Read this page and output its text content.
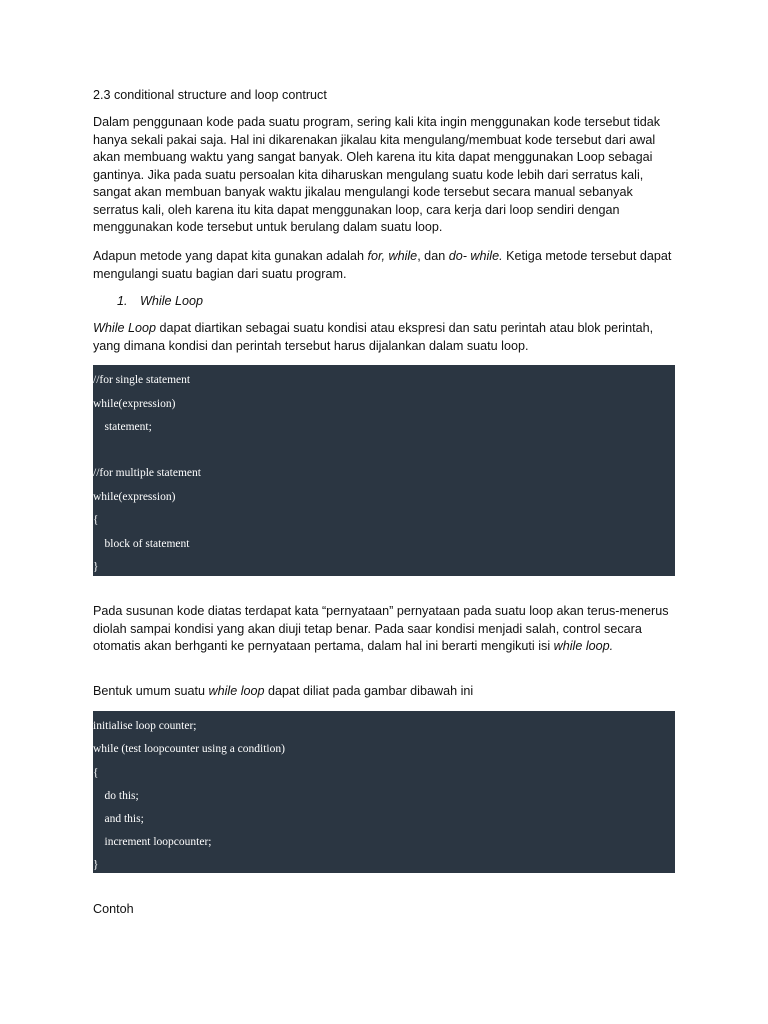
2.3 conditional structure and loop contruct

Dalam penggunaan kode pada suatu program, sering kali kita ingin menggunakan kode tersebut tidak hanya sekali pakai saja. Hal ini dikarenakan jikalau kita mengulang/membuat kode tersebut dari awal akan membuang waktu yang sangat banyak. Oleh karena itu kita dapat menggunakan Loop sebagai gantinya. Jika pada suatu persoalan kita diharuskan mengulang suatu kode lebih dari serratus kali, sangat akan membuan banyak waktu jikalau mengulangi kode tersebut secara manual sebanyak serratus kali, oleh karena itu kita dapat menggunakan loop, cara kerja dari loop sendiri dengan menggunakan kode tersebut untuk berulang dalam suatu loop.

Adapun metode yang dapat kita gunakan adalah for, while, dan do- while. Ketiga metode tersebut dapat mengulangi suatu bagian dari suatu program.

1. While Loop

While Loop dapat diartikan sebagai suatu kondisi atau ekspresi dan satu perintah atau blok perintah, yang dimana kondisi dan perintah tersebut harus dijalankan dalam suatu loop.

//for single statement
while(expression)
statement;
//for multiple statement
while(expression)
{
block of statement
}

Pada susunan kode diatas terdapat kata “pernyataan” pernyataan pada suatu loop akan terus-menerus diolah sampai kondisi yang akan diuji tetap benar. Pada saar kondisi menjadi salah, control secara otomatis akan berhganti ke pernyataan pertama, dalam hal ini berarti mengikuti isi while loop.

Bentuk umum suatu while loop dapat diliat pada gambar dibawah ini

initialise loop counter;
while (test loopcounter using a condition)
{
do this;
and this;
increment loopcounter;
}

Contoh
